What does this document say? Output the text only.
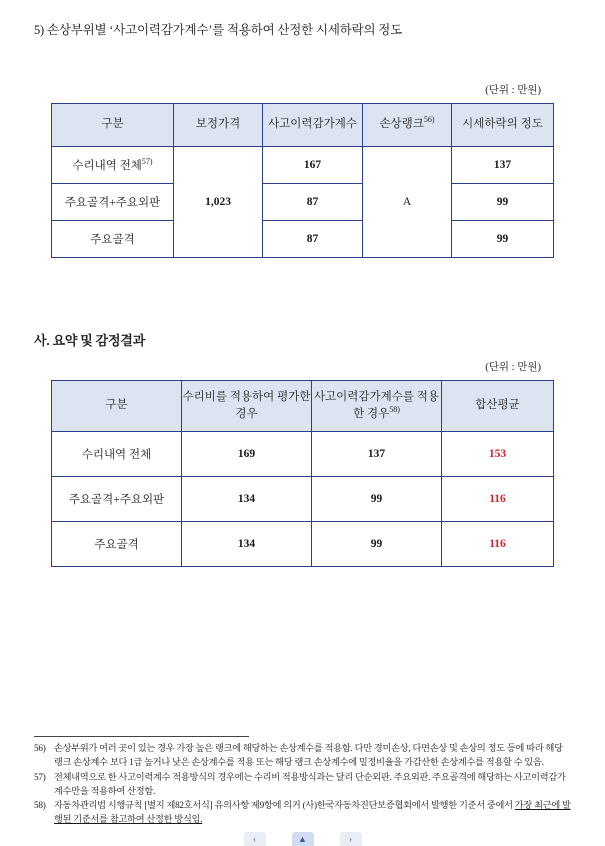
5) 손상부위별 ‘사고이력감가계수’를 적용하여 산정한 시세하락의 정도
(단위 : 만원)
구분	보정가격	사고이력감가계수	손상랭크$^{56)}$	시세하락의 정도
수리내역 전체$^{57)}$	1,023	167	A	137
주요골격+주요외판		87		99
주요골격		87		99
사. 요약 및 감정결과
(단위 : 만원)
구분	수리비를 적용하여 평가한 경우	사고이력감가계수를 적용한 경우$^{58)}$	합산평균
수리내역 전체	169	137	153
주요골격+주요외판	134	99	116
주요골격	134	99	116
56) 손상부위가 여러 곳이 있는 경우 가장 높은 랭크에 해당하는 손상계수를 적용함. 다만 경미손상, 다면손상 및 손상의 정도 등에 따라 해당 랭크 손상계수 보다 1급 높거나 낮은 손상계수를 적용 또는 해당 랭크 손상계수에 밀정비율을 가감산한 손상계수를 적용할 수 있음.
57) 전체내역으로 한 사고이력계수 적용방식의 경우에는 수리비 적용방식과는 달리 단순외판. 주요외판. 주요골격에 해당하는 사고이력감가계수만을 적용하여 산정함.
58) 자동차관리법 시행규칙 [별지 제82호서식] 유의사항 제9항에 의거 (사)한국자동차진단보증협회에서 발행한 기준서 중에서 가장 최근에 발행된 기준서를 참고하여 산정한 방식임.
‹	▲	›
